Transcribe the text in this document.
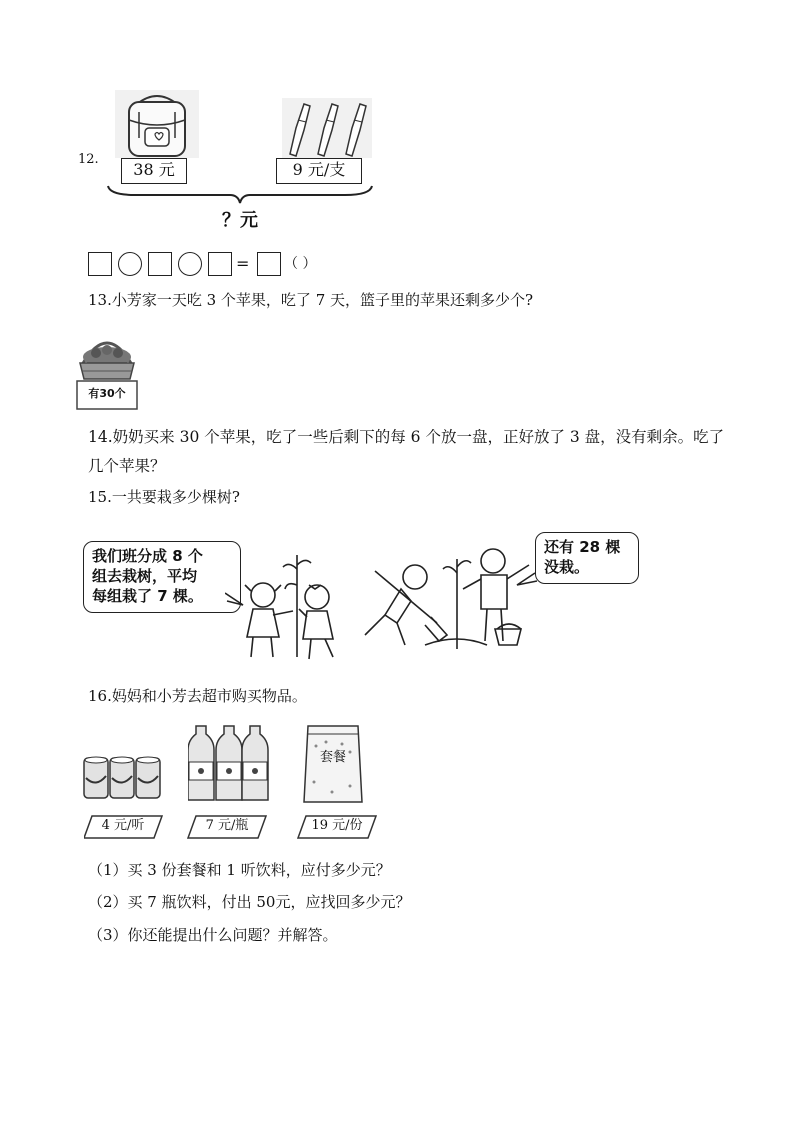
12.
38 元	9 元/支
？元
= （ ）
13.小芳家一天吃 3 个苹果，吃了 7 天，篮子里的苹果还剩多少个?
有30个
14.奶奶买来 30 个苹果，吃了一些后剩下的每 6 个放一盘，正好放了 3 盘，没有剩余。吃了
几个苹果？
15.一共要栽多少棵树?
我们班分成 8 个
组去栽树，平均
每组栽了 7 棵。
还有 28 棵
没栽。
16.妈妈和小芳去超市购买物品。
套餐
4 元/听	7 元/瓶	19 元/份
（1）买 3 份套餐和 1 听饮料，应付多少元？
（2）买 7 瓶饮料，付出 50元，应找回多少元？
（3）你还能提出什么问题？并解答。
